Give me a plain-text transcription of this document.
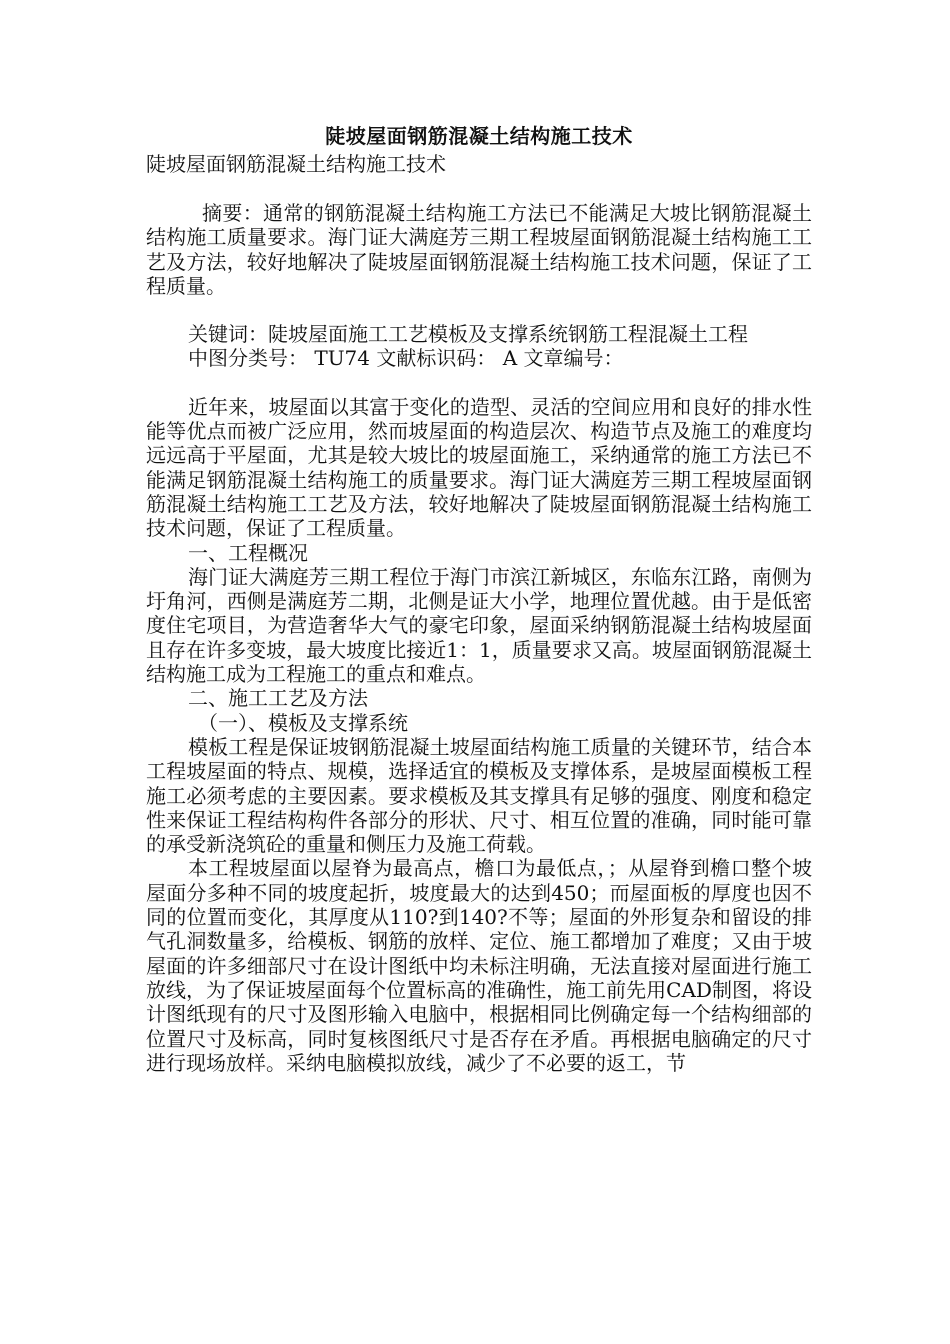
陡坡屋面钢筋混凝土结构施工技术
陡坡屋面钢筋混凝土结构施工技术

摘要：通常的钢筋混凝土结构施工方法已不能满足大坡比钢筋混凝土结构施工质量要求。海门证大满庭芳三期工程坡屋面钢筋混凝土结构施工工艺及方法，较好地解决了陡坡屋面钢筋混凝土结构施工技术问题，保证了工程质量。

关键词：陡坡屋面施工工艺模板及支撑系统钢筋工程混凝土工程

中图分类号： TU74 文献标识码： A 文章编号：

近年来，坡屋面以其富于变化的造型、灵活的空间应用和良好的排水性能等优点而被广泛应用，然而坡屋面的构造层次、构造节点及施工的难度均远远高于平屋面，尤其是较大坡比的坡屋面施工，采纳通常的施工方法已不能满足钢筋混凝土结构施工的质量要求。海门证大满庭芳三期工程坡屋面钢筋混凝土结构施工工艺及方法，较好地解决了陡坡屋面钢筋混凝土结构施工技术问题，保证了工程质量。

一、工程概况

海门证大满庭芳三期工程位于海门市滨江新城区，东临东江路，南侧为圩角河，西侧是满庭芳二期，北侧是证大小学，地理位置优越。由于是低密度住宅项目，为营造奢华大气的豪宅印象，屋面采纳钢筋混凝土结构坡屋面且存在许多变坡，最大坡度比接近1：1，质量要求又高。坡屋面钢筋混凝土结构施工成为工程施工的重点和难点。

二、施工工艺及方法
（一）、模板及支撑系统

模板工程是保证坡钢筋混凝土坡屋面结构施工质量的关键环节，结合本工程坡屋面的特点、规模，选择适宜的模板及支撑体系，是坡屋面模板工程施工必须考虑的主要因素。要求模板及其支撑具有足够的强度、刚度和稳定性来保证工程结构构件各部分的形状、尺寸、相互位置的准确，同时能可靠的承受新浇筑砼的重量和侧压力及施工荷载。

本工程坡屋面以屋脊为最高点，檐口为最低点，；从屋脊到檐口整个坡屋面分多种不同的坡度起折，坡度最大的达到450；而屋面板的厚度也因不同的位置而变化，其厚度从110?到140?不等；屋面的外形复杂和留设的排气孔洞数量多，给模板、钢筋的放样、定位、施工都增加了难度；又由于坡屋面的许多细部尺寸在设计图纸中均未标注明确，无法直接对屋面进行施工放线，为了保证坡屋面每个位置标高的准确性，施工前先用CAD制图，将设计图纸现有的尺寸及图形输入电脑中，根据相同比例确定每一个结构细部的位置尺寸及标高，同时复核图纸尺寸是否存在矛盾。再根据电脑确定的尺寸进行现场放样。采纳电脑模拟放线，减少了不必要的返工，节
